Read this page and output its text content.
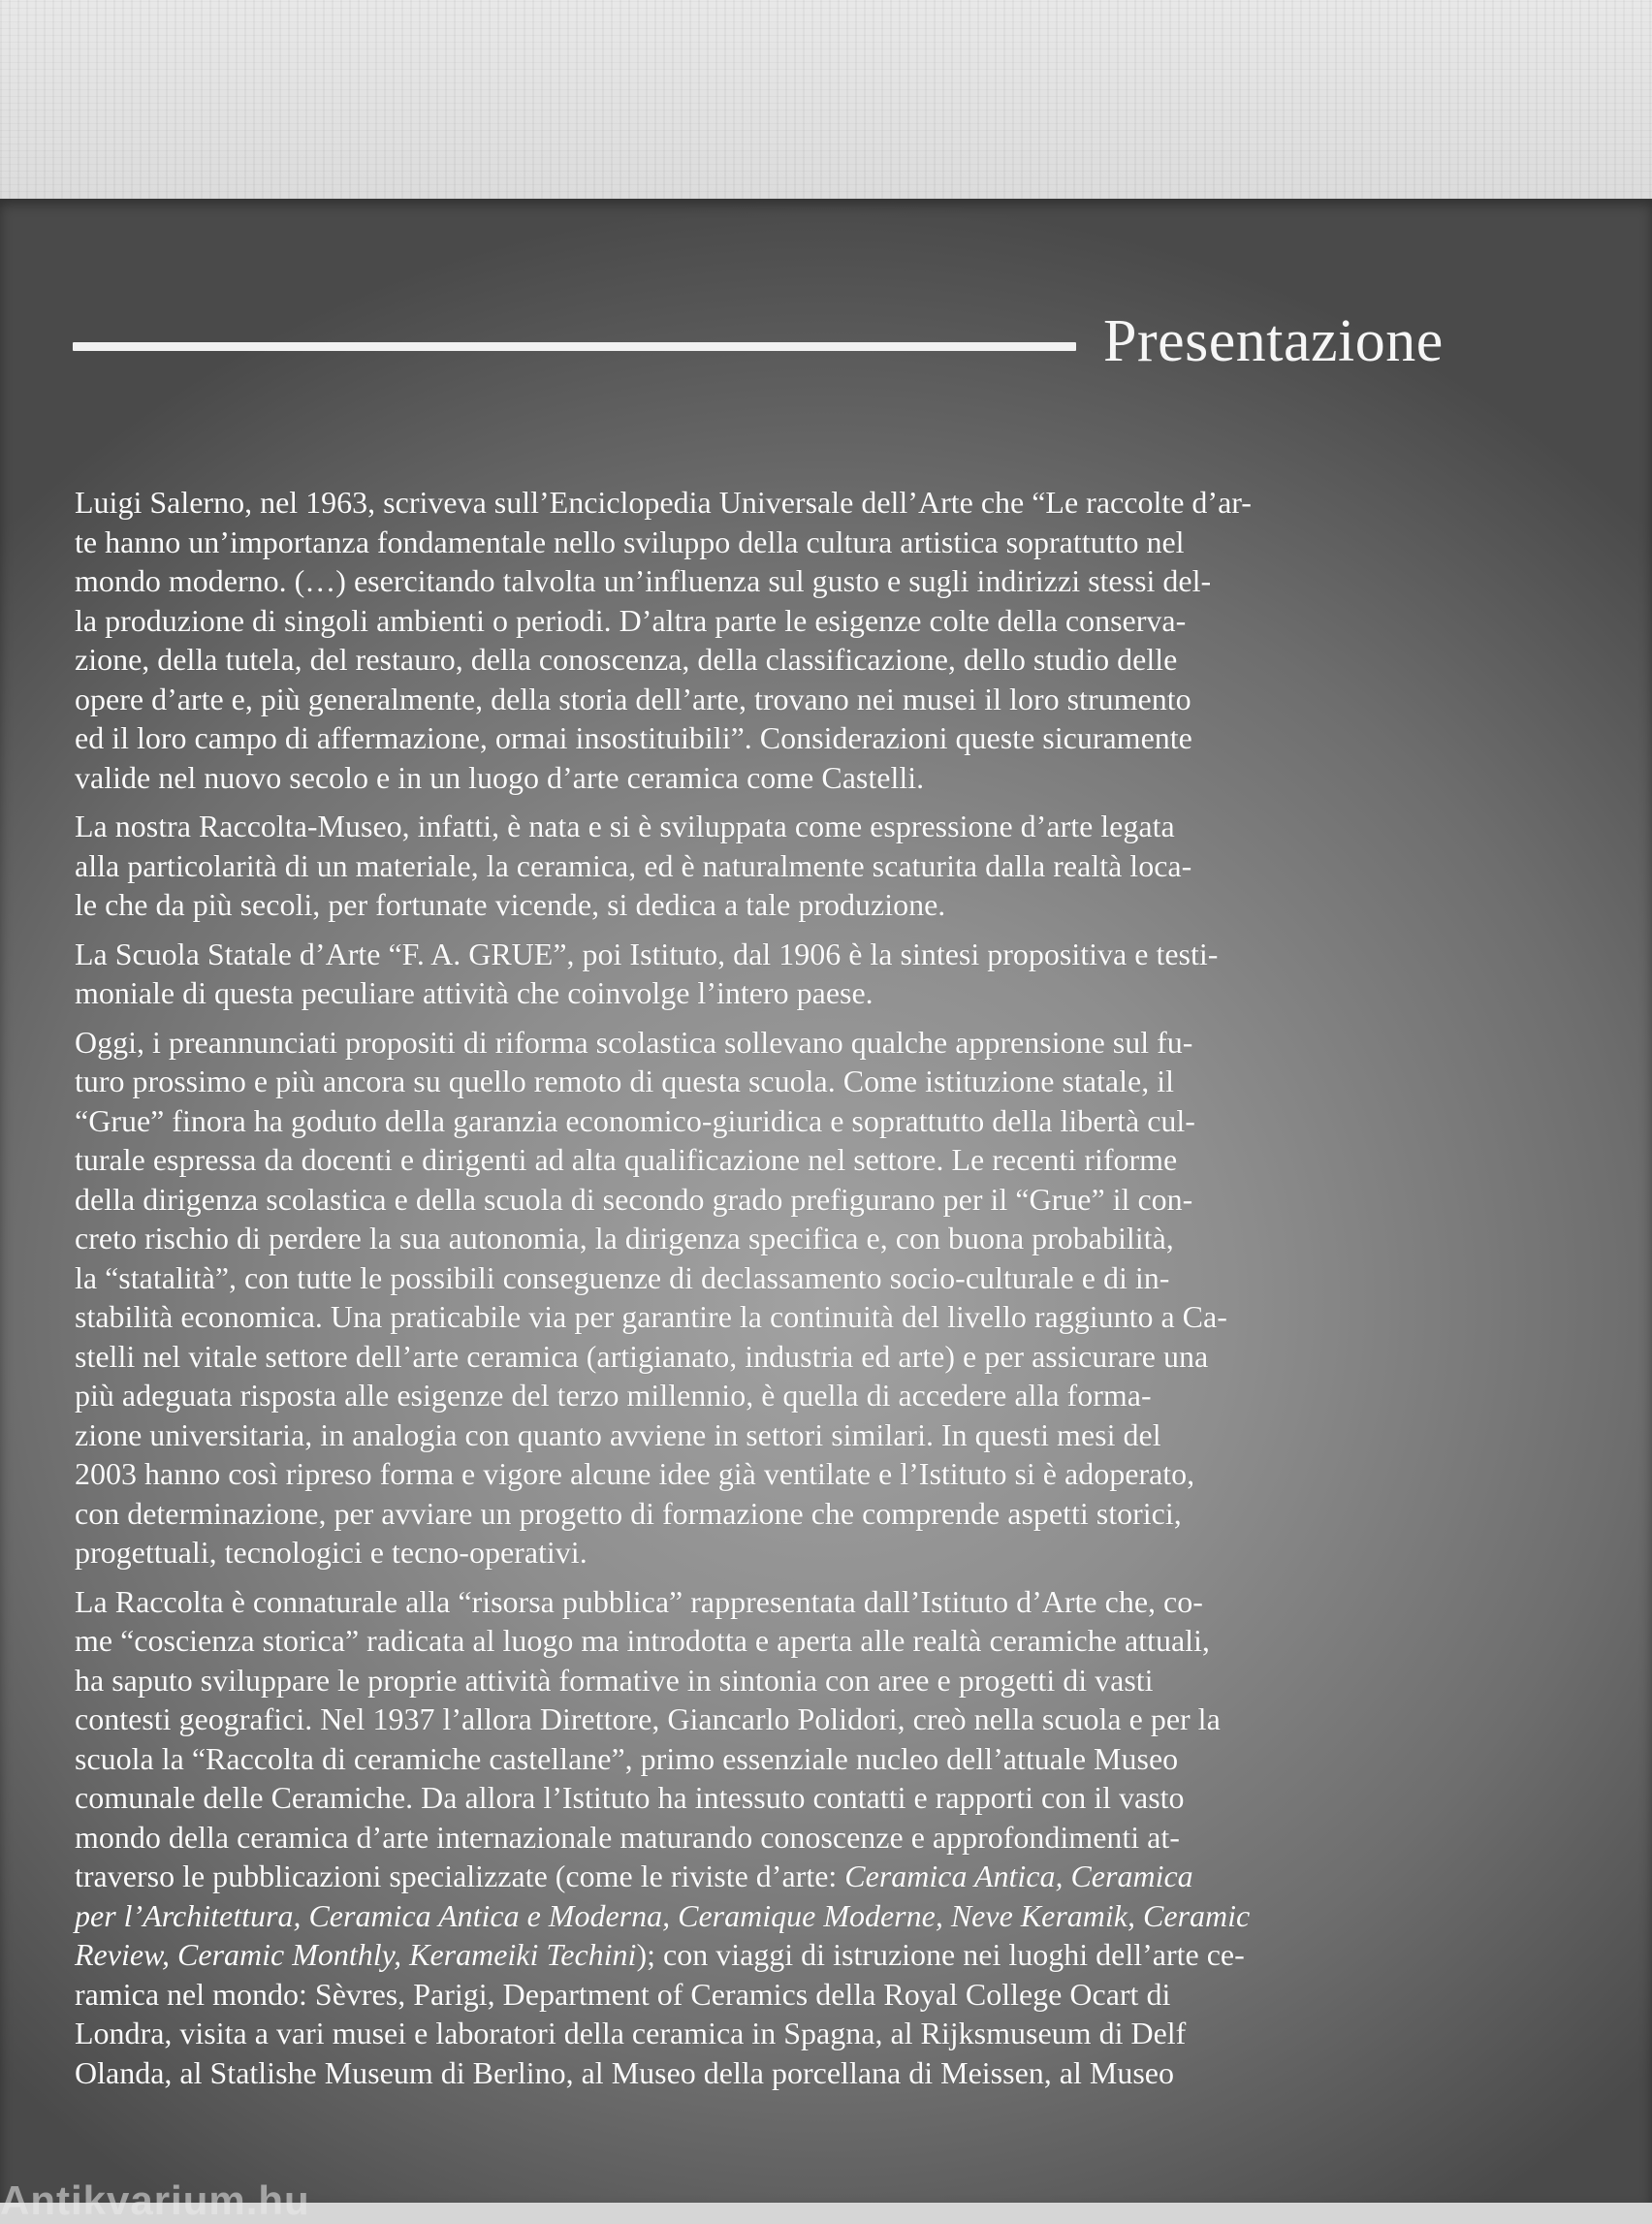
Presentazione
Luigi Salerno, nel 1963, scriveva sull’Enciclopedia Universale dell’Arte che “Le raccolte d’ar-
te hanno un’importanza fondamentale nello sviluppo della cultura artistica soprattutto nel
mondo moderno. (…) esercitando talvolta un’influenza sul gusto e sugli indirizzi stessi del-
la produzione di singoli ambienti o periodi. D’altra parte le esigenze colte della conserva-
zione, della tutela, del restauro, della conoscenza, della classificazione, dello studio delle
opere d’arte e, più generalmente, della storia dell’arte, trovano nei musei il loro strumento
ed il loro campo di affermazione, ormai insostituibili”. Considerazioni queste sicuramente
valide nel nuovo secolo e in un luogo d’arte ceramica come Castelli.
La nostra Raccolta-Museo, infatti, è nata e si è sviluppata come espressione d’arte legata
alla particolarità di un materiale, la ceramica, ed è naturalmente scaturita dalla realtà loca-
le che da più secoli, per fortunate vicende, si dedica a tale produzione.
La Scuola Statale d’Arte “F. A. GRUE”, poi Istituto, dal 1906 è la sintesi propositiva e testi-
moniale di questa peculiare attività che coinvolge l’intero paese.
Oggi, i preannunciati propositi di riforma scolastica sollevano qualche apprensione sul fu-
turo prossimo e più ancora su quello remoto di questa scuola. Come istituzione statale, il
“Grue” finora ha goduto della garanzia economico-giuridica e soprattutto della libertà cul-
turale espressa da docenti e dirigenti ad alta qualificazione nel settore. Le recenti riforme
della dirigenza scolastica e della scuola di secondo grado prefigurano per il “Grue” il con-
creto rischio di perdere la sua autonomia, la dirigenza specifica e, con buona probabilità,
la “statalità”, con tutte le possibili conseguenze di declassamento socio-culturale e di in-
stabilità economica. Una praticabile via per garantire la continuità del livello raggiunto a Ca-
stelli nel vitale settore dell’arte ceramica (artigianato, industria ed arte) e per assicurare una
più adeguata risposta alle esigenze del terzo millennio, è quella di accedere alla forma-
zione universitaria, in analogia con quanto avviene in settori similari. In questi mesi del
2003 hanno così ripreso forma e vigore alcune idee già ventilate e l’Istituto si è adoperato,
con determinazione, per avviare un progetto di formazione che comprende aspetti storici,
progettuali, tecnologici e tecno-operativi.
La Raccolta è connaturale alla “risorsa pubblica” rappresentata dall’Istituto d’Arte che, co-
me “coscienza storica” radicata al luogo ma introdotta e aperta alle realtà ceramiche attuali,
ha saputo sviluppare le proprie attività formative in sintonia con aree e progetti di vasti
contesti geografici. Nel 1937 l’allora Direttore, Giancarlo Polidori, creò nella scuola e per la
scuola la “Raccolta di ceramiche castellane”, primo essenziale nucleo dell’attuale Museo
comunale delle Ceramiche. Da allora l’Istituto ha intessuto contatti e rapporti con il vasto
mondo della ceramica d’arte internazionale maturando conoscenze e approfondimenti at-
traverso le pubblicazioni specializzate (come le riviste d’arte: Ceramica Antica, Ceramica
per l’Architettura, Ceramica Antica e Moderna, Ceramique Moderne, Neve Keramik, Ceramic
Review, Ceramic Monthly, Kerameiki Techini); con viaggi di istruzione nei luoghi dell’arte ce-
ramica nel mondo: Sèvres, Parigi, Department of Ceramics della Royal College Ocart di
Londra, visita a vari musei e laboratori della ceramica in Spagna, al Rijksmuseum di Delf
Olanda, al Statlishe Museum di Berlino, al Museo della porcellana di Meissen, al Museo
Antikvarium.hu
